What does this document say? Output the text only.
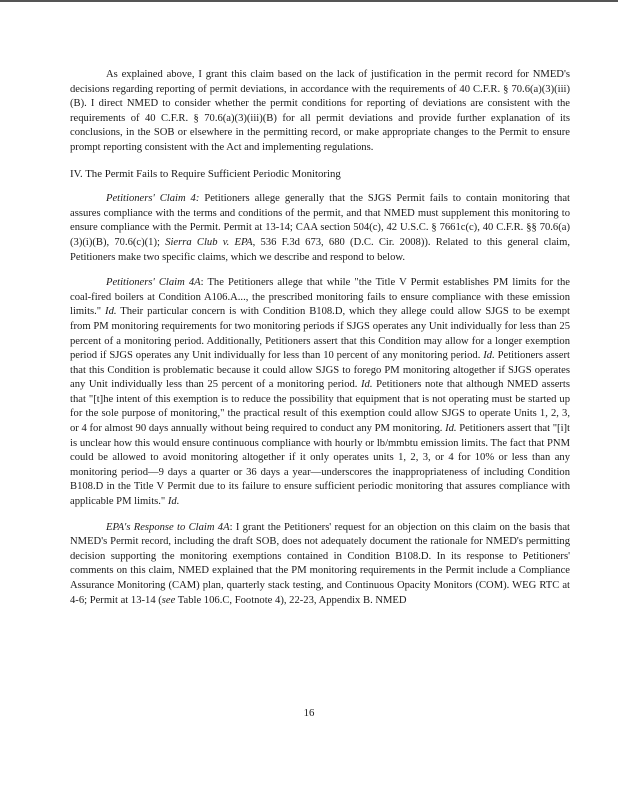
As explained above, I grant this claim based on the lack of justification in the permit record for NMED's decisions regarding reporting of permit deviations, in accordance with the requirements of 40 C.F.R. § 70.6(a)(3)(iii)(B). I direct NMED to consider whether the permit conditions for reporting of deviations are consistent with the requirements of 40 C.F.R. § 70.6(a)(3)(iii)(B) for all permit deviations and provide further explanation of its conclusions, in the SOB or elsewhere in the permitting record, or make appropriate changes to the Permit to ensure prompt reporting consistent with the Act and implementing regulations.

IV. The Permit Fails to Require Sufficient Periodic Monitoring

Petitioners' Claim 4: Petitioners allege generally that the SJGS Permit fails to contain monitoring that assures compliance with the terms and conditions of the permit, and that NMED must supplement this monitoring to ensure compliance with the Permit. Permit at 13-14; CAA section 504(c), 42 U.S.C. § 7661c(c), 40 C.F.R. §§ 70.6(a)(3)(i)(B), 70.6(c)(1); Sierra Club v. EPA, 536 F.3d 673, 680 (D.C. Cir. 2008)). Related to this general claim, Petitioners make two specific claims, which we describe and respond to below.

Petitioners' Claim 4A: The Petitioners allege that while "the Title V Permit establishes PM limits for the coal-fired boilers at Condition A106.A..., the prescribed monitoring fails to ensure compliance with these emission limits." Id. Their particular concern is with Condition B108.D, which they allege could allow SJGS to be exempt from PM monitoring requirements for two monitoring periods if SJGS operates any Unit individually for less than 25 percent of a monitoring period. Additionally, Petitioners assert that this Condition may allow for a longer exemption period if SJGS operates any Unit individually for less than 10 percent of any monitoring period. Id. Petitioners assert that this Condition is problematic because it could allow SJGS to forego PM monitoring altogether if SJGS operates any Unit individually less than 25 percent of a monitoring period. Id. Petitioners note that although NMED asserts that "[t]he intent of this exemption is to reduce the possibility that equipment that is not operating must be started up for the sole purpose of monitoring," the practical result of this exemption could allow SJGS to operate Units 1, 2, 3, or 4 for almost 90 days annually without being required to conduct any PM monitoring. Id. Petitioners assert that "[i]t is unclear how this would ensure continuous compliance with hourly or lb/mmbtu emission limits. The fact that PNM could be allowed to avoid monitoring altogether if it only operates units 1, 2, 3, or 4 for 10% or less than any monitoring period—9 days a quarter or 36 days a year—underscores the inappropriateness of including Condition B108.D in the Title V Permit due to its failure to ensure sufficient periodic monitoring that assures compliance with applicable PM limits." Id.

EPA's Response to Claim 4A: I grant the Petitioners' request for an objection on this claim on the basis that NMED's Permit record, including the draft SOB, does not adequately document the rationale for NMED's permitting decision supporting the monitoring exemptions contained in Condition B108.D. In its response to Petitioners' comments on this claim, NMED explained that the PM monitoring requirements in the Permit include a Compliance Assurance Monitoring (CAM) plan, quarterly stack testing, and Continuous Opacity Monitors (COM). WEG RTC at 4-6; Permit at 13-14 (see Table 106.C, Footnote 4), 22-23, Appendix B. NMED

16
